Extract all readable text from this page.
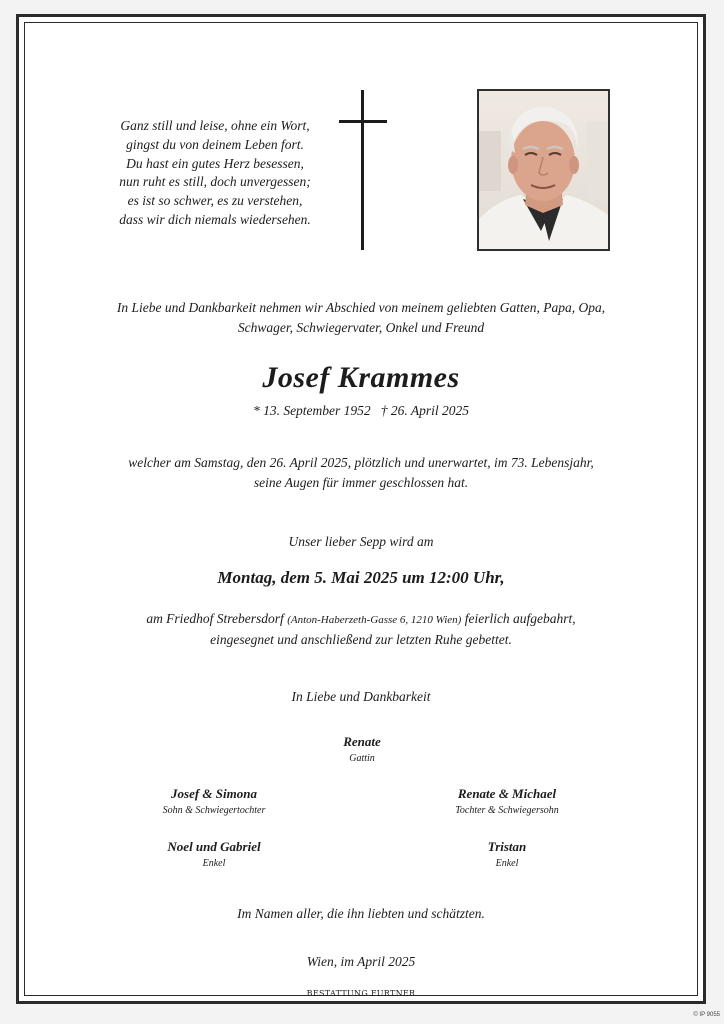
Ganz still und leise, ohne ein Wort,
gingst du von deinem Leben fort.
Du hast ein gutes Herz besessen,
nun ruht es still, doch unvergessen;
es ist so schwer, es zu verstehen,
dass wir dich niemals wiedersehen.
In Liebe und Dankbarkeit nehmen wir Abschied von meinem geliebten Gatten, Papa, Opa,
Schwager, Schwiegervater, Onkel und Freund
Josef Krammes
* 13. September 1952   † 26. April 2025
welcher am Samstag, den 26. April 2025, plötzlich und unerwartet, im 73. Lebensjahr,
seine Augen für immer geschlossen hat.
Unser lieber Sepp wird am
Montag, dem 5. Mai 2025 um 12:00 Uhr,
am Friedhof Strebersdorf (Anton-Haberzeth-Gasse 6, 1210 Wien) feierlich aufgebahrt,
eingesegnet und anschließend zur letzten Ruhe gebettet.
In Liebe und Dankbarkeit
Renate
Gattin
Josef & Simona
Sohn & Schwiegertochter
Renate & Michael
Tochter & Schwiegersohn
Noel und Gabriel
Enkel
Tristan
Enkel
Im Namen aller, die ihn liebten und schätzten.
Wien, im April 2025
BESTATTUNG FURTNER
© IP 9055
